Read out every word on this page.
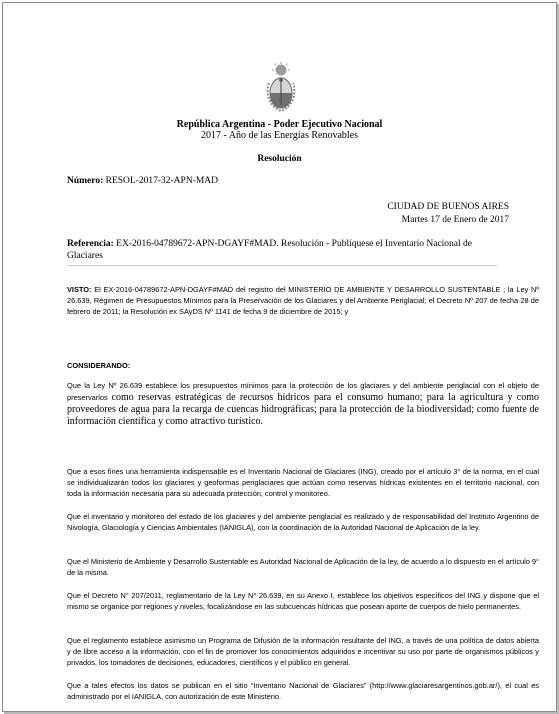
República Argentina - Poder Ejecutivo Nacional
2017 - Año de las Energías Renovables
Resolución
Número: RESOL-2017-32-APN-MAD
CIUDAD DE BUENOS AIRES
Martes 17 de Enero de 2017
Referencia: EX-2016-04789672-APN-DGAYF#MAD. Resolución - Publíquese el Inventario Nacional de Glaciares
VISTO: El EX-2016-04789672-APN-DGAYF#MAD del registro del MINISTERIO DE AMBIENTE Y DESARROLLO SUSTENTABLE ; la Ley Nº 26.639, Régimen de Presupuestos Mínimos para la Preservación de los Glaciares y del Ambiente Periglacial; el Decreto Nº 207 de fecha 28 de febrero de 2011; la Resolución ex SAyDS Nº 1141 de fecha 9 de diciembre de 2015; y
CONSIDERANDO:
Que la Ley Nº 26.639 establece los presupuestos mínimos para la protección de los glaciares y del ambiente periglacial con el objeto de preservarlos como reservas estratégicas de recursos hídricos para el consumo humano; para la agricultura y como proveedores de agua para la recarga de cuencas hidrográficas; para la protección de la biodiversidad; como fuente de información científica y como atractivo turístico.
Que a esos fines una herramienta indispensable es el Inventario Nacional de Glaciares (ING), creado por el artículo 3° de la norma, en el cual se individualizarán todos los glaciares y geoformas periglaciares que actúan como reservas hídricas existentes en el territorio nacional, con toda la información necesaria para su adecuada protección, control y monitoreo.
Que el inventario y monitoreo del estado de los glaciares y del ambiente periglacial es realizado y de responsabilidad del Instituto Argentino de Nivología, Glaciología y Ciencias Ambientales (IANIGLA), con la coordinación de la Autoridad Nacional de Aplicación de la ley.
Que el Ministerio de Ambiente y Desarrollo Sustentable es Autoridad Nacional de Aplicación de la ley, de acuerdo a lo dispuesto en el artículo 9° de la misma.
Que el Decreto N° 207/2011, reglamentario de la Ley N° 26.639, en su Anexo I, establece los objetivos específicos del ING y dispone que el mismo se organice por regiones y niveles, focalizándose en las subcuencas hídricas que posean aporte de cuerpos de hielo permanentes.
Que el reglamento establece asimismo un Programa de Difusión de la información resultante del ING, a través de una política de datos abierta y de libre acceso a la información, con el fin de promover los conocimientos adquiridos e incentivar su uso por parte de organismos públicos y privados, los tomadores de decisiones, educadores, científicos y el público en general.
Que a tales efectos los datos se publican en el sitio “Inventario Nacional de Glaciares” (http://www.glaciaresargentinos.gob.ar/), el cual es administrado por el IANIGLA, con autorización de este Ministerio.
